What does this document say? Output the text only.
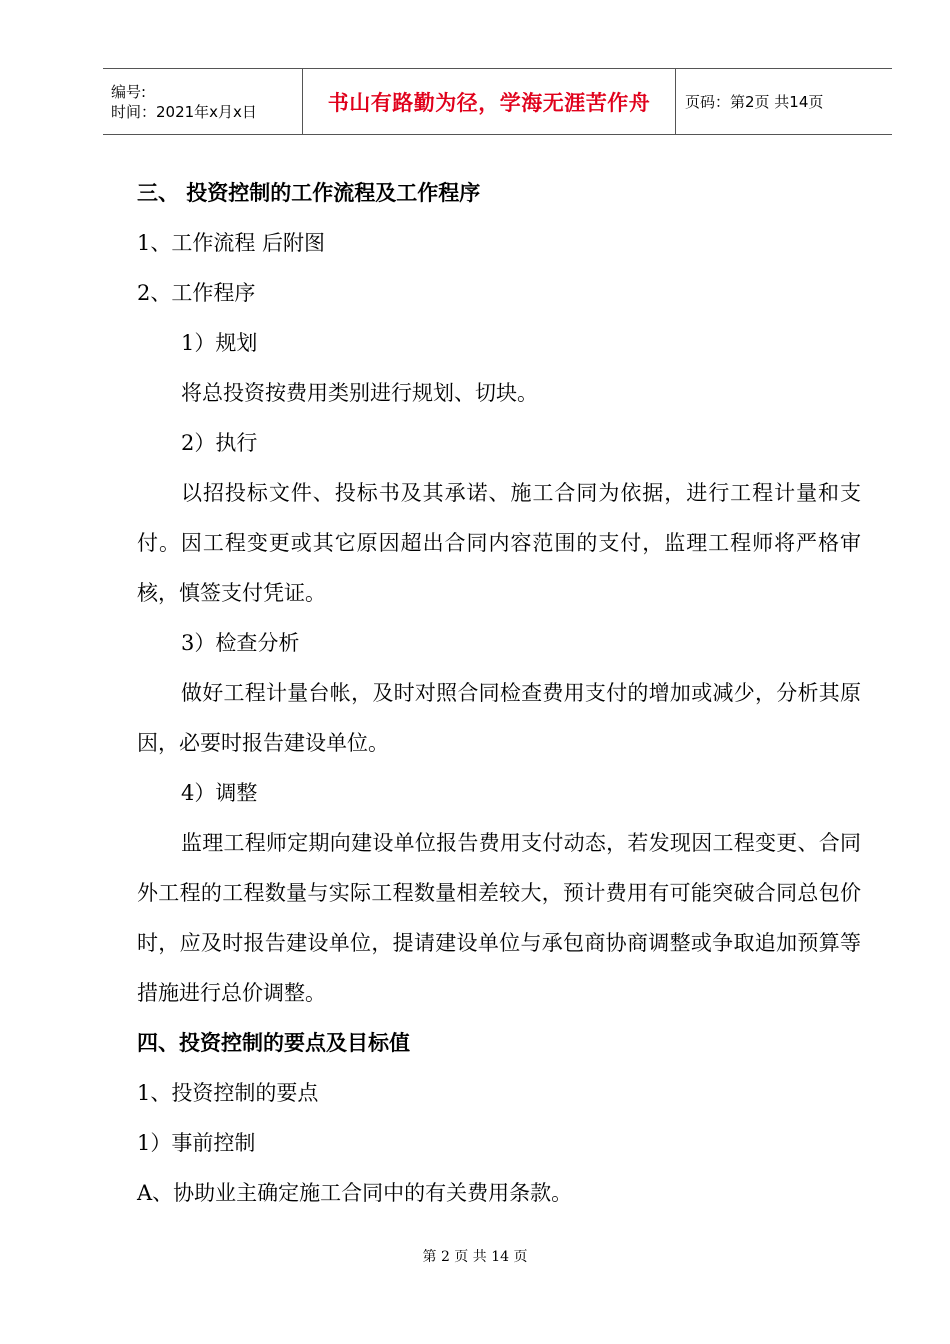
编号:
时间：2021年x月x日	书山有路勤为径，学海无涯苦作舟 页码：第2页 共14页
三、 投资控制的工作流程及工作程序
1、工作流程 后附图
2、工作程序
1）规划
将总投资按费用类别进行规划、切块。
2）执行

以招投标文件、投标书及其承诺、施工合同为依据，进行工程计量和支付。因工程变更或其它原因超出合同内容范围的支付，监理工程师将严格审核，慎签支付凭证。

3）检查分析

做好工程计量台帐，及时对照合同检查费用支付的增加或减少，分析其原因，必要时报告建设单位。

4）调整

监理工程师定期向建设单位报告费用支付动态，若发现因工程变更、合同外工程的工程数量与实际工程数量相差较大，预计费用有可能突破合同总包价时，应及时报告建设单位，提请建设单位与承包商协商调整或争取追加预算等措施进行总价调整。

四、投资控制的要点及目标值
1、投资控制的要点
1）事前控制
A、协助业主确定施工合同中的有关费用条款。
第 2 页 共 14 页
